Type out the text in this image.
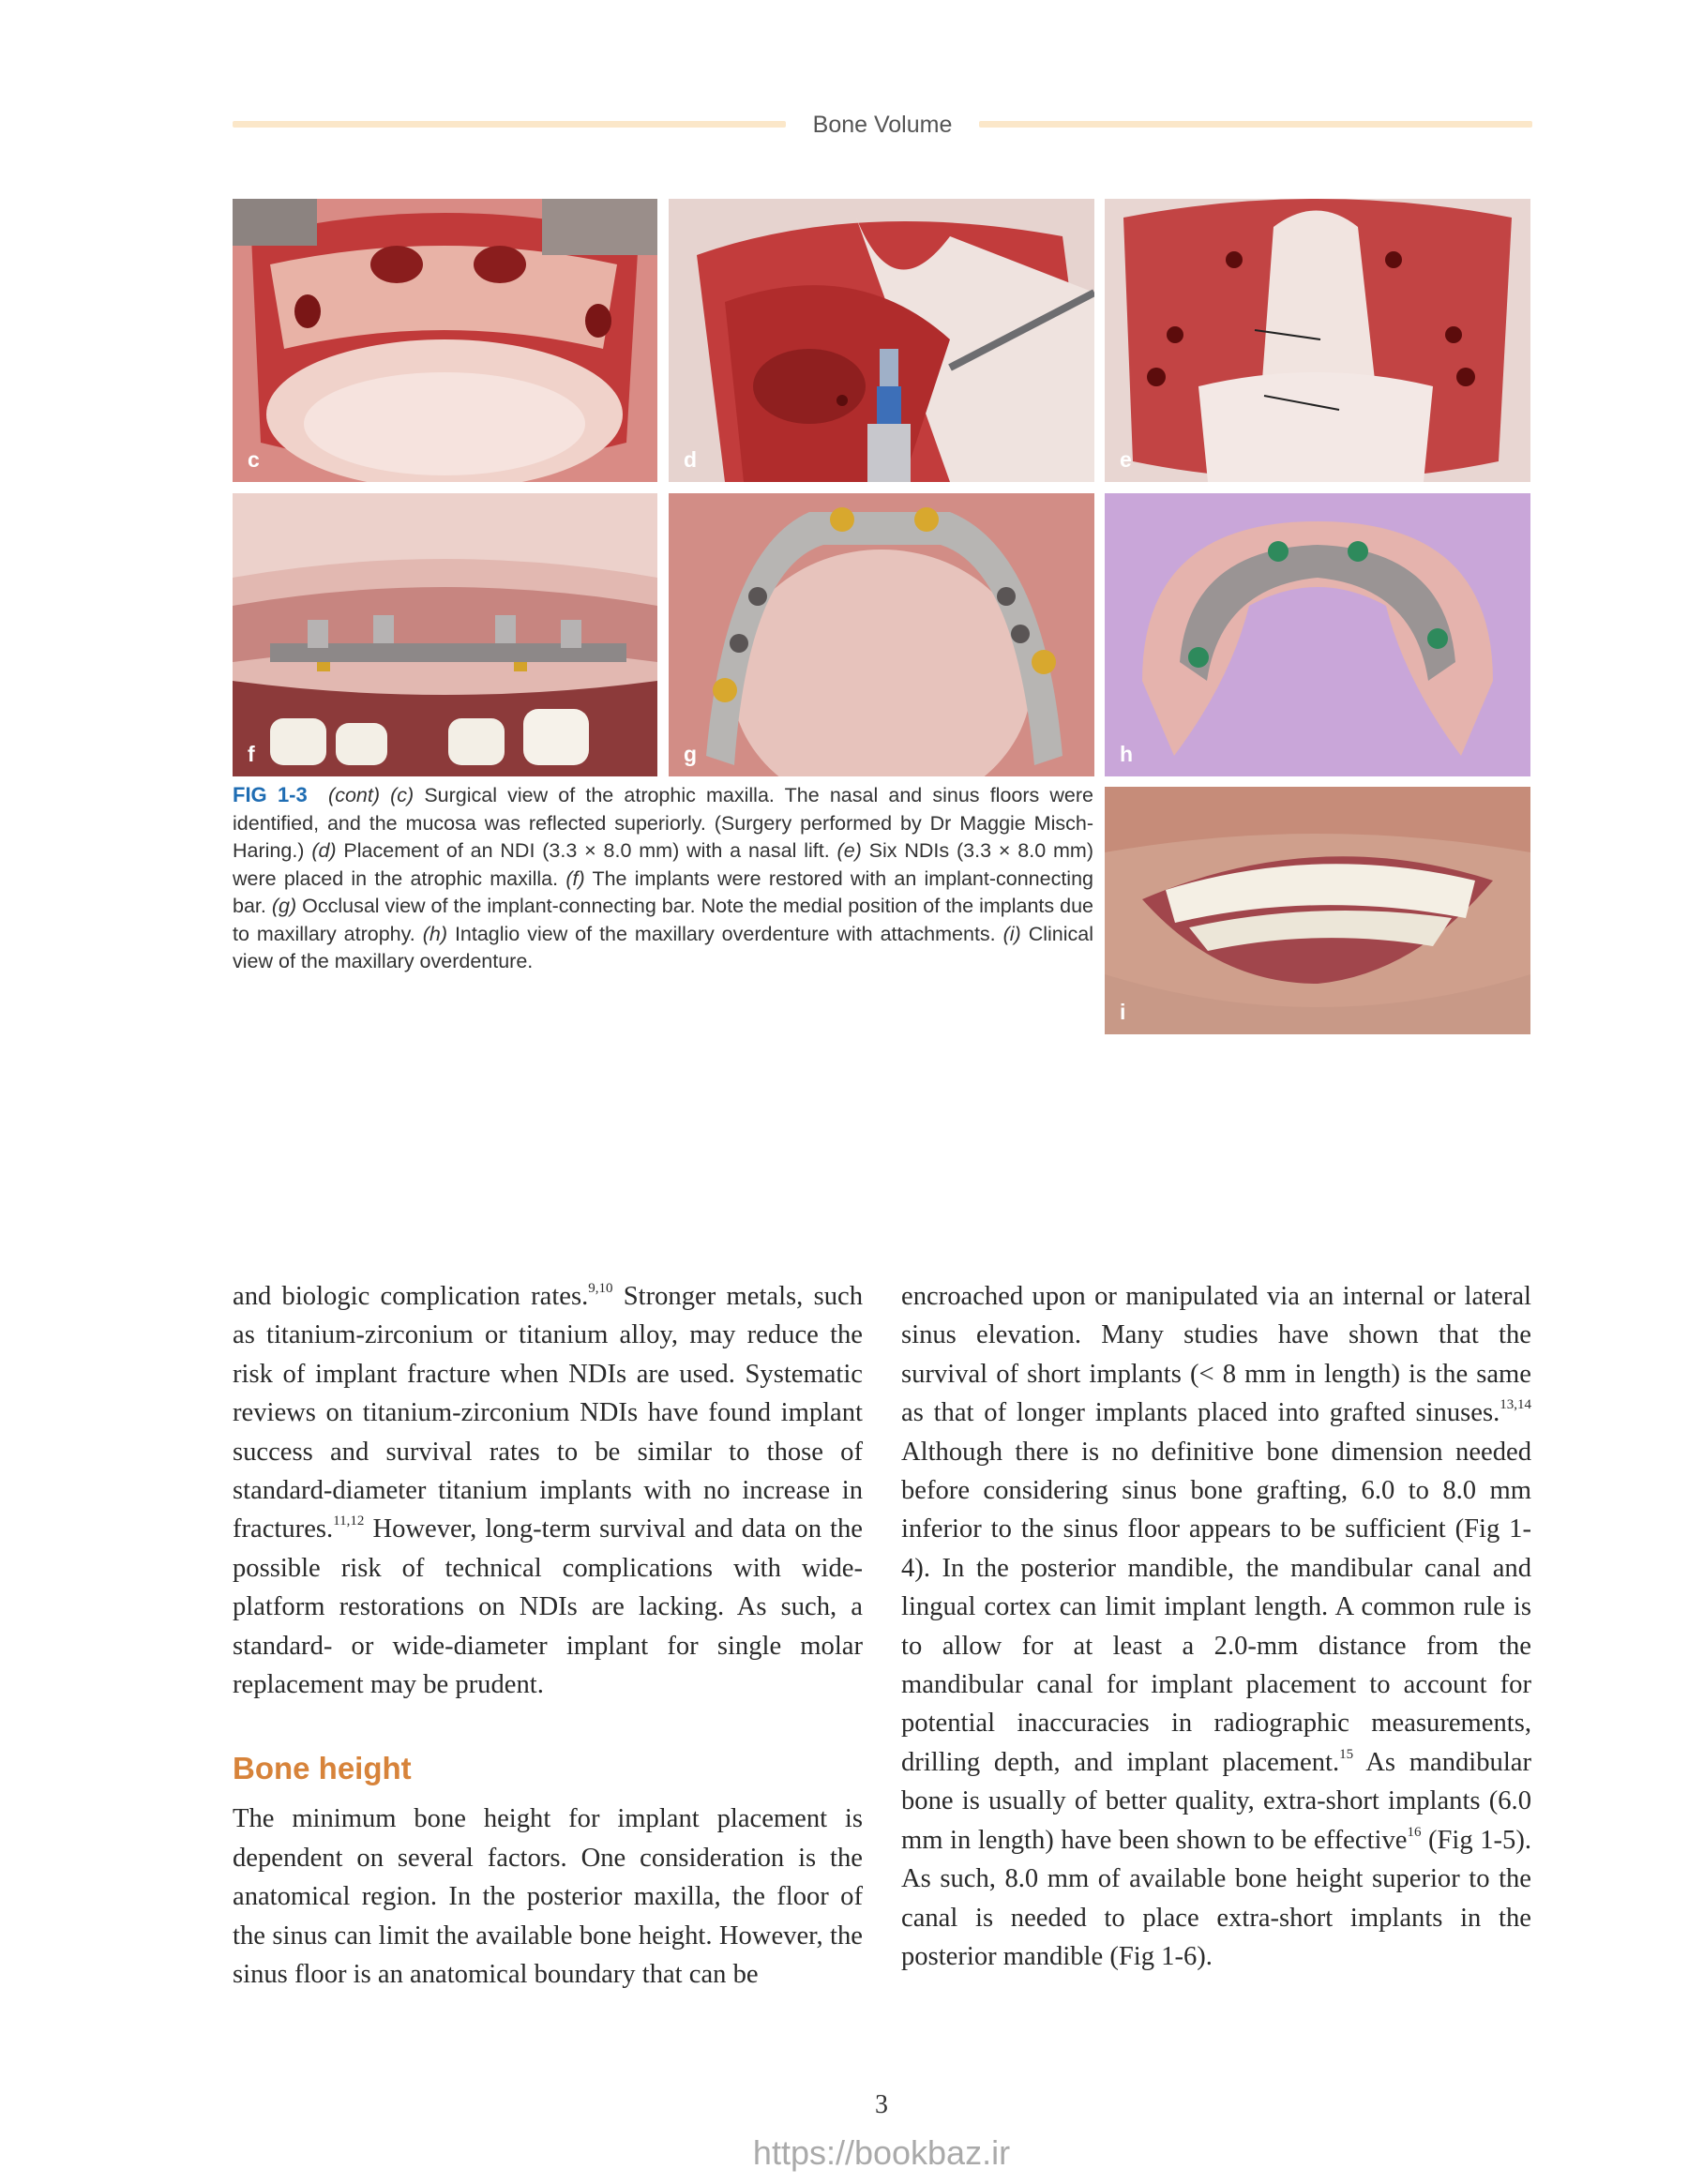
Bone Volume
c	d	e
f	g	h
FIG 1-3 (cont) (c) Surgical view of the atrophic maxilla. The nasal and sinus floors were identified, and the mucosa was reflected superiorly. (Surgery performed by Dr Maggie Misch-Haring.) (d) Placement of an NDI (3.3 × 8.0 mm) with a nasal lift. (e) Six NDIs (3.3 × 8.0 mm) were placed in the atrophic maxilla. (f) The implants were restored with an implant-connecting bar. (g) Occlusal view of the implant-connecting bar. Note the medial position of the implants due to maxillary atrophy. (h) Intaglio view of the maxillary overdenture with attachments. (i) Clinical view of the maxillary overdenture.
i

and biologic complication rates.$^{9,10}$ Stronger metals, such as titanium-zirconium or titanium alloy, may reduce the risk of implant fracture when NDIs are used. Systematic reviews on titanium-zirconium NDIs have found implant success and survival rates to be similar to those of standard-diameter titanium implants with no increase in fractures.$^{11,12}$ However, long-term survival and data on the possible risk of technical complications with wide-platform restorations on NDIs are lacking. As such, a standard- or wide-diameter implant for single molar replacement may be prudent.

Bone height

The minimum bone height for implant placement is dependent on several factors. One consideration is the anatomical region. In the posterior maxilla, the floor of the sinus can limit the available bone height. However, the sinus floor is an anatomical boundary that can be

encroached upon or manipulated via an internal or lateral sinus elevation. Many studies have shown that the survival of short implants (< 8 mm in length) is the same as that of longer implants placed into grafted sinuses.$^{13,14}$ Although there is no definitive bone dimension needed before considering sinus bone grafting, 6.0 to 8.0 mm inferior to the sinus floor appears to be sufficient (Fig 1-4). In the posterior mandible, the mandibular canal and lingual cortex can limit implant length. A common rule is to allow for at least a 2.0-mm distance from the mandibular canal for implant placement to account for potential inaccuracies in radiographic measurements, drilling depth, and implant placement.$^{15}$ As mandibular bone is usually of better quality, extra-short implants (6.0 mm in length) have been shown to be effective$^{16}$ (Fig 1-5). As such, 8.0 mm of available bone height superior to the canal is needed to place extra-short implants in the posterior mandible (Fig 1-6).

3
https://bookbaz.ir
